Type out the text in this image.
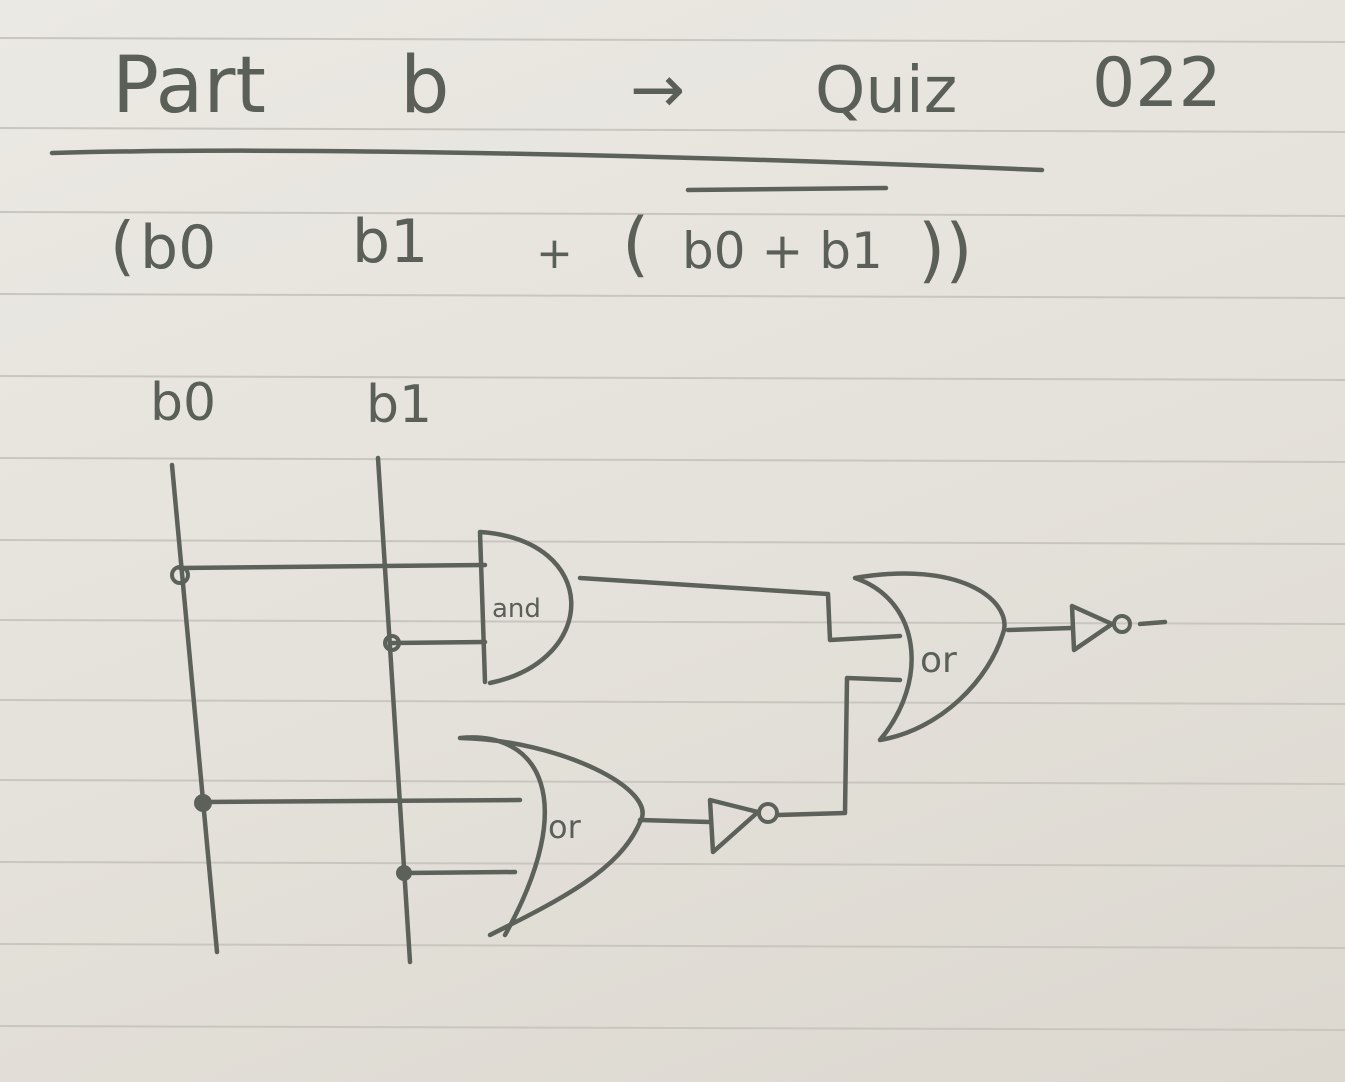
Part b	→ Quiz 022
( b0 b1 + ( b0 + b1 ))
b0	b1
and
or
or
